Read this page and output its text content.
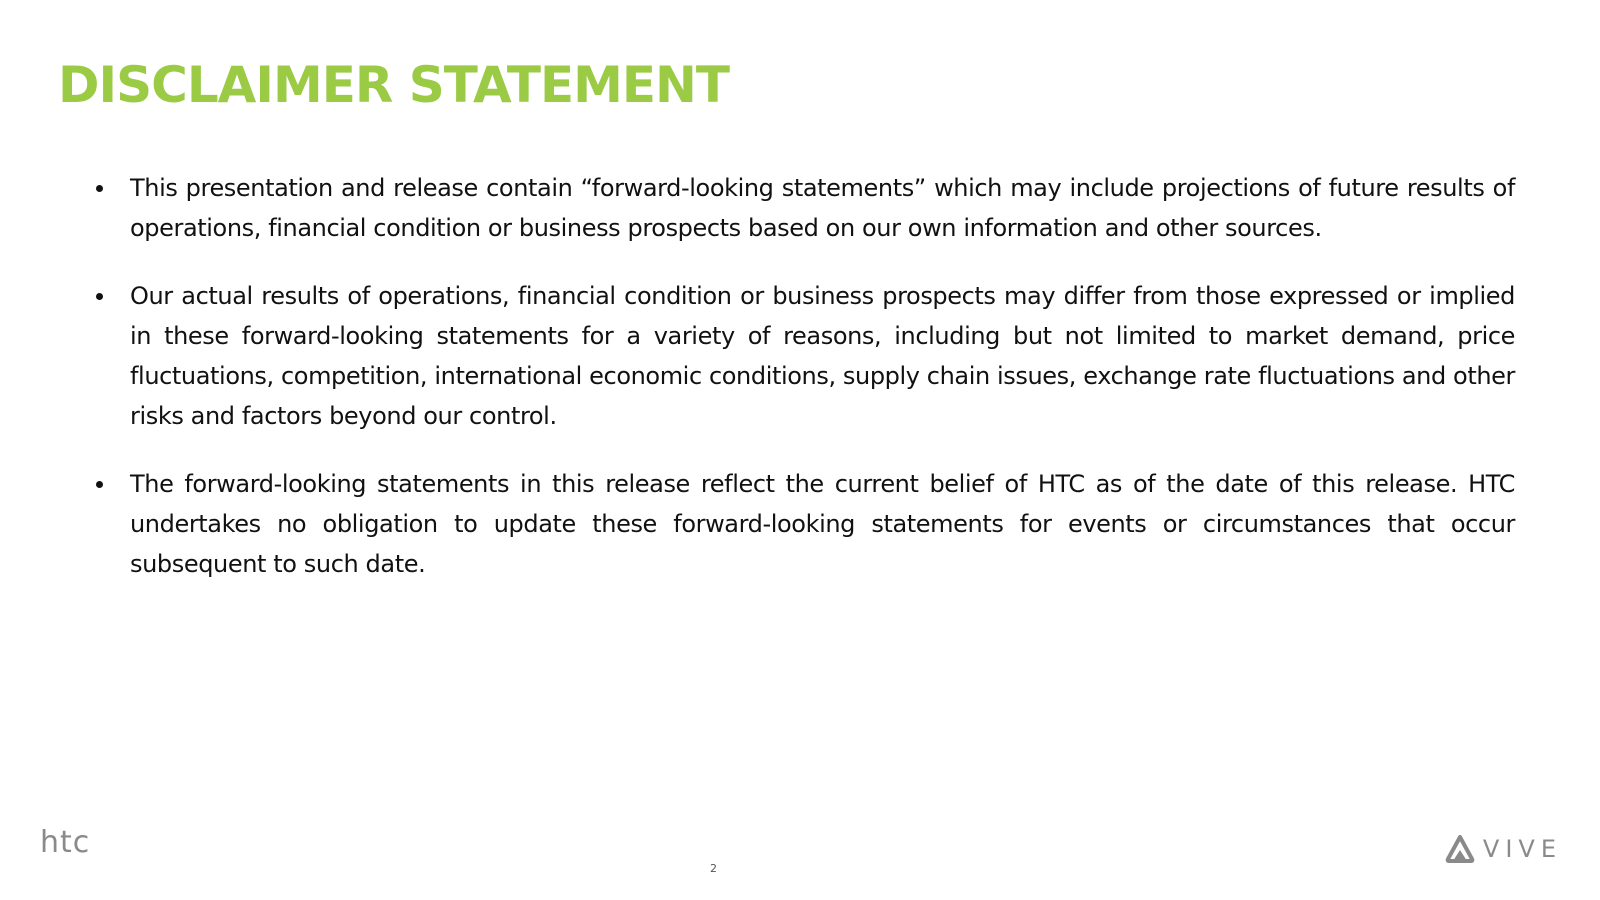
DISCLAIMER STATEMENT
This presentation and release contain “forward-looking statements” which may include projections of future results of operations, financial condition or business prospects based on our own information and other sources.
Our actual results of operations, financial condition or business prospects may differ from those expressed or implied in these forward-looking statements for a variety of reasons, including but not limited to market demand, price fluctuations, competition, international economic conditions, supply chain issues, exchange rate fluctuations and other risks and factors beyond our control.
The forward-looking statements in this release reflect the current belief of HTC as of the date of this release. HTC undertakes no obligation to update these forward-looking statements for events or circumstances that occur subsequent to such date.
htc
2
VIVE
